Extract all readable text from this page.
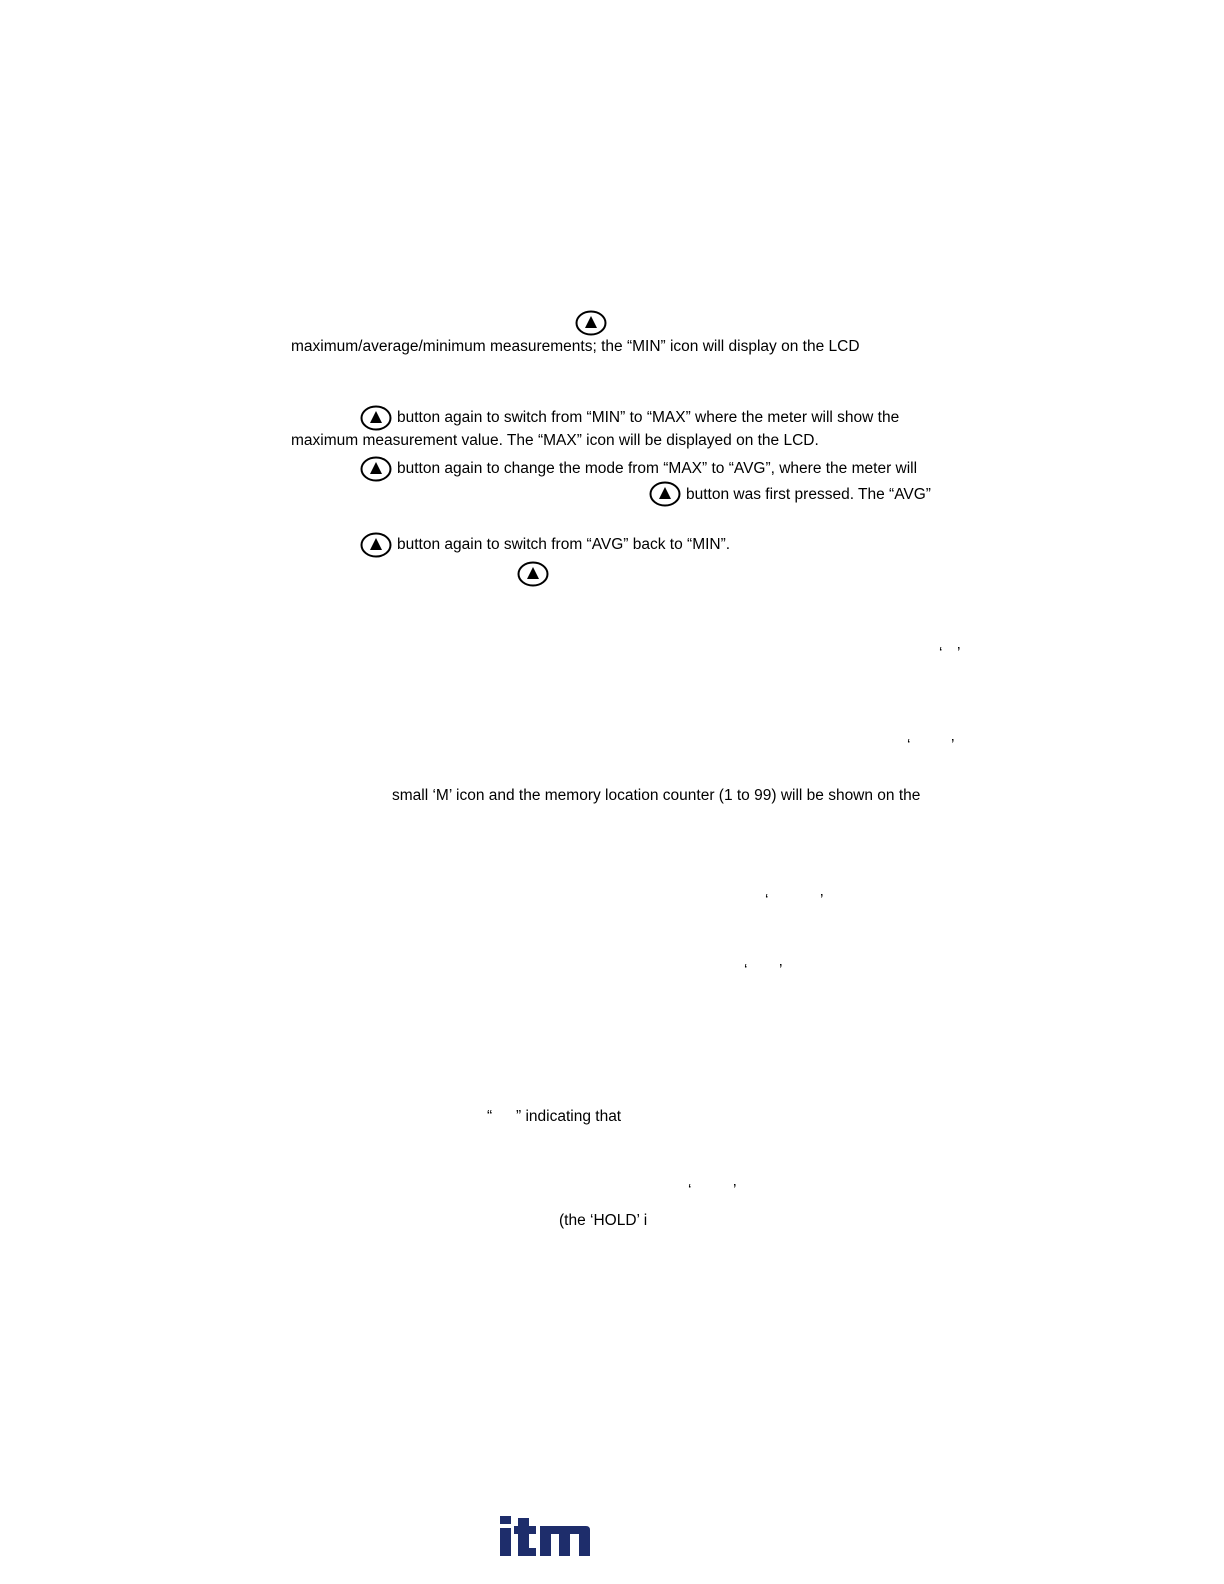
maximum/average/minimum measurements; the “MIN” icon will display on the LCD
button again to switch from “MIN” to “MAX” where the meter will show the
maximum measurement value. The “MAX” icon will be displayed on the LCD.
button again to change the mode from “MAX” to “AVG”, where the meter will
button was first pressed. The “AVG”
button again to switch from “AVG” back to “MIN”.
‘ ’
‘	’
small ‘M’ icon and the memory location counter (1 to 99) will be shown on the
‘	’
‘ ’
“ ” indicating that
‘	’
(the ‘HOLD’ i
